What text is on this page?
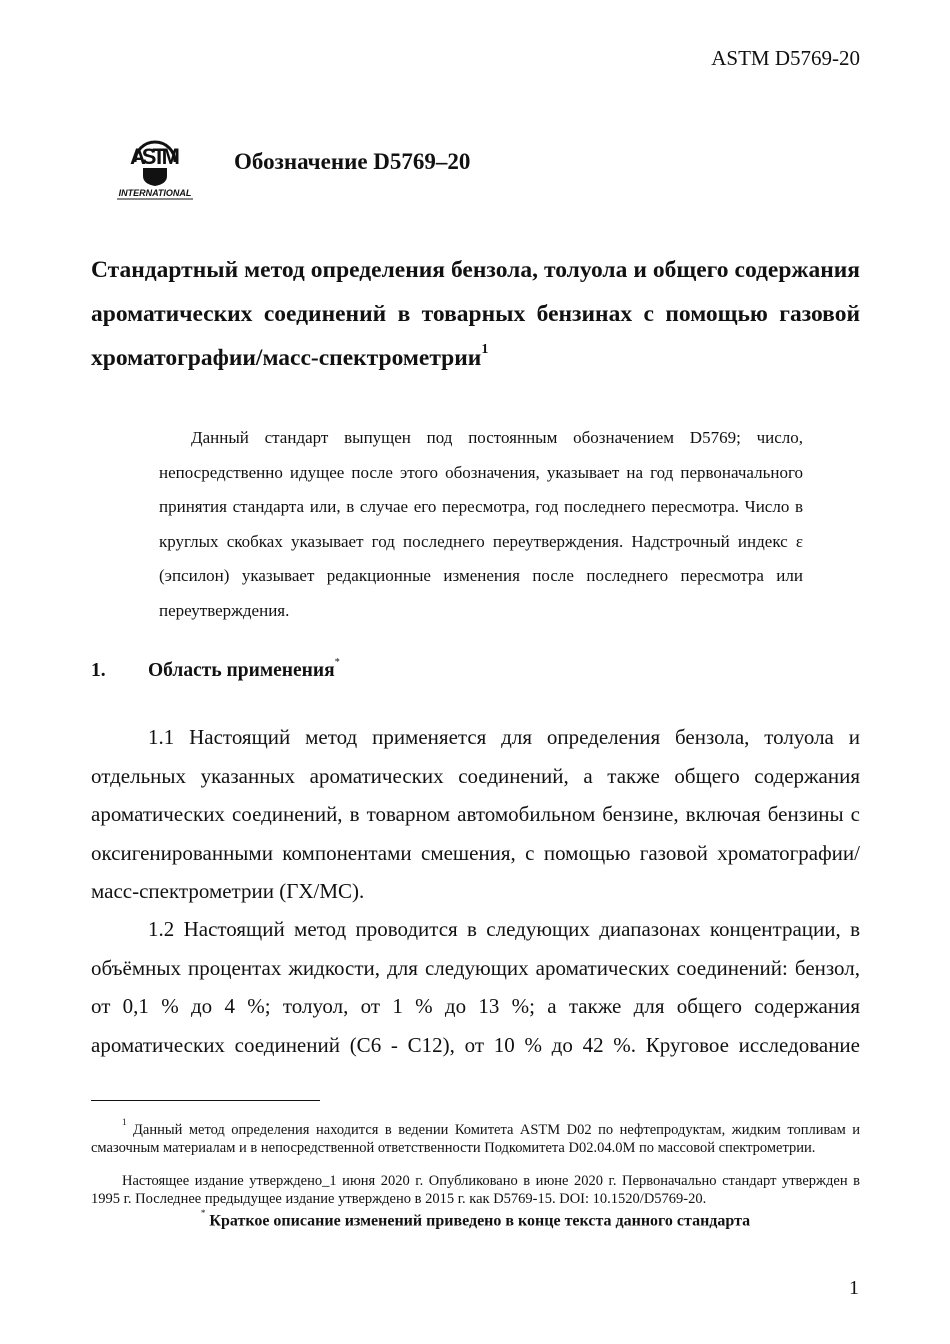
ASTM D5769-20
ASTM
INTERNATIONAL
Обозначение D5769–20
Стандартный метод определения бензола, толуола и общего содержания ароматических соединений в товарных бензинах с помощью газовой хроматографии/масс-спектрометрии$^1$
Данный стандарт выпущен под постоянным обозначением D5769; число, непосредственно идущее после этого обозначения, указывает на год первоначального принятия стандарта или, в случае его пересмотра, год последнего пересмотра. Число в круглых скобках указывает год последнего переутверждения. Надстрочный индекс ε (эпсилон) указывает редакционные изменения после последнего пересмотра или переутверждения.
1. Область применения*
1.1 Настоящий метод применяется для определения бензола, толуола и отдельных указанных ароматических соединений, а также общего содержания ароматических соединений, в товарном автомобильном бензине, включая бензины с оксигенированными компонентами смешения, с помощью газовой хроматографии/масс-спектрометрии (ГХ/МС).
1.2 Настоящий метод проводится в следующих диапазонах концентрации, в объёмных процентах жидкости, для следующих ароматических соединений: бензол, от 0,1 % до 4 %; толуол, от 1 % до 13 %; а также для общего содержания ароматических соединений (С6 - С12), от 10 % до 42 %. Круговое исследование
$^1$ Данный метод определения находится в ведении Комитета ASTM D02 по нефтепродуктам, жидким топливам и смазочным материалам и в непосредственной ответственности Подкомитета D02.04.0M по массовой спектрометрии.
Настоящее издание утверждено_1 июня 2020 г. Опубликовано в июне 2020 г. Первоначально стандарт утвержден в 1995 г. Последнее предыдущее издание утверждено в 2015 г. как D5769-15. DOI: 10.1520/D5769-20.
* Краткое описание изменений приведено в конце текста данного стандарта
1
